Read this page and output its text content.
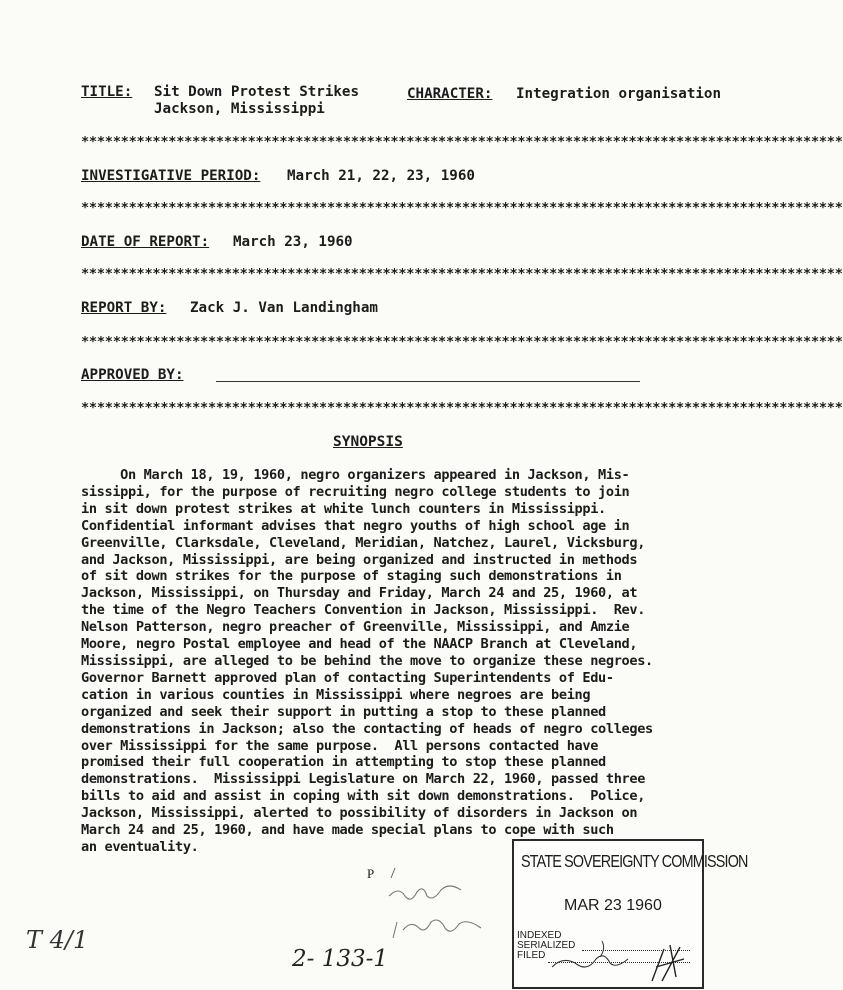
TITLE: Sit Down Protest Strikes
Jackson, Mississippi
CHARACTER: Integration organisation
************************************************************************************************
INVESTIGATIVE PERIOD: March 21, 22, 23, 1960
************************************************************************************************
DATE OF REPORT: March 23, 1960
************************************************************************************************
REPORT BY: Zack J. Van Landingham
************************************************************************************************
APPROVED BY:
************************************************************************************************
SYNOPSIS
On March 18, 19, 1960, negro organizers appeared in Jackson, Mis-
sissippi, for the purpose of recruiting negro college students to join
in sit down protest strikes at white lunch counters in Mississippi.
Confidential informant advises that negro youths of high school age in
Greenville, Clarksdale, Cleveland, Meridian, Natchez, Laurel, Vicksburg,
and Jackson, Mississippi, are being organized and instructed in methods
of sit down strikes for the purpose of staging such demonstrations in
Jackson, Mississippi, on Thursday and Friday, March 24 and 25, 1960, at
the time of the Negro Teachers Convention in Jackson, Mississippi.  Rev.
Nelson Patterson, negro preacher of Greenville, Mississippi, and Amzie
Moore, negro Postal employee and head of the NAACP Branch at Cleveland,
Mississippi, are alleged to be behind the move to organize these negroes.
Governor Barnett approved plan of contacting Superintendents of Edu-
cation in various counties in Mississippi where negroes are being
organized and seek their support in putting a stop to these planned
demonstrations in Jackson; also the contacting of heads of negro colleges
over Mississippi for the same purpose.  All persons contacted have
promised their full cooperation in attempting to stop these planned
demonstrations.  Mississippi Legislature on March 22, 1960, passed three
bills to aid and assist in coping with sit down demonstrations.  Police,
Jackson, Mississippi, alerted to possibility of disorders in Jackson on
March 24 and 25, 1960, and have made special plans to cope with such
an eventuality.
P
2- 133-1
T 4/1
STATE SOVEREIGNTY COMMISSION
MAR 23 1960
INDEXED
SERIALIZED
FILED
